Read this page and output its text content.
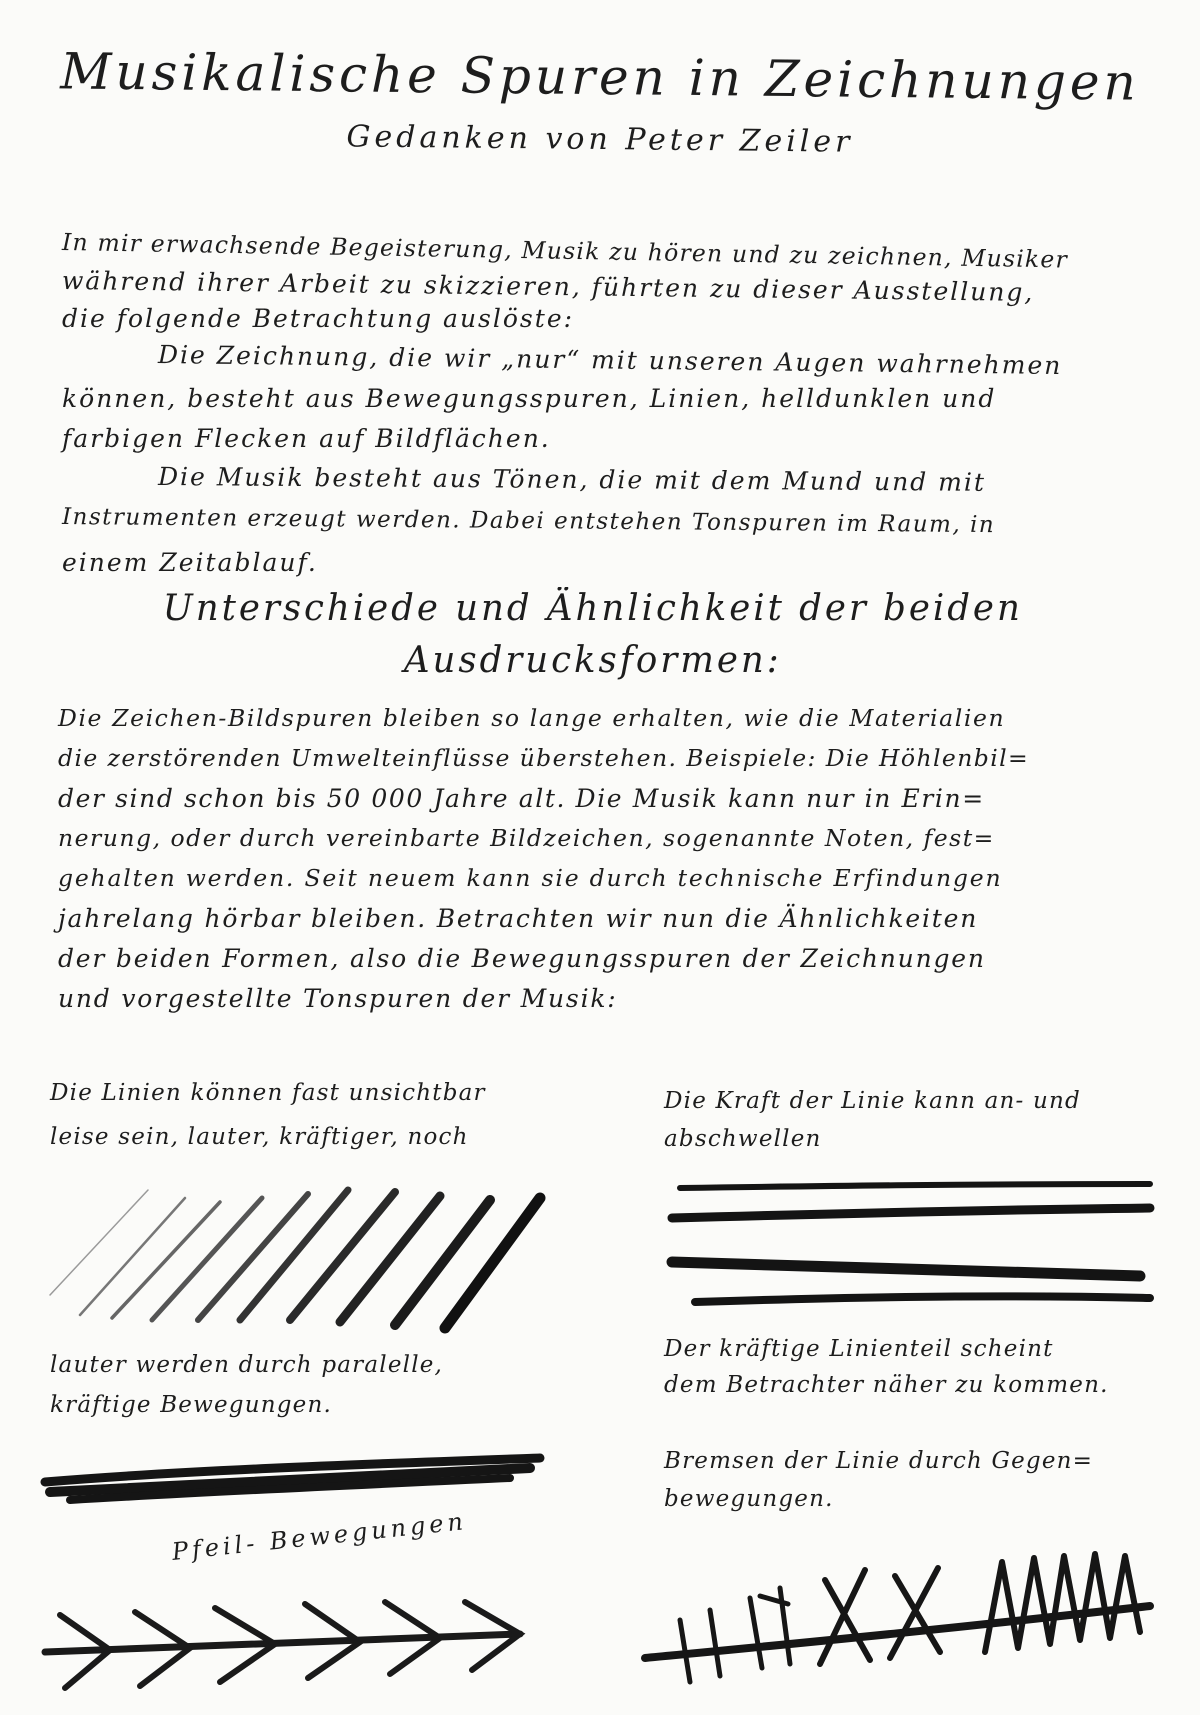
Musikalische Spuren in Zeichnungen
Gedanken von Peter Zeiler
In mir erwachsende Begeisterung, Musik zu hören und zu zeichnen, Musiker
während ihrer Arbeit zu skizzieren, führten zu dieser Ausstellung,
die folgende Betrachtung auslöste:
Die Zeichnung, die wir „nur“ mit unseren Augen wahrnehmen
können, besteht aus Bewegungsspuren, Linien, helldunklen und
farbigen Flecken auf Bildflächen.
Die Musik besteht aus Tönen, die mit dem Mund und mit
Instrumenten erzeugt werden. Dabei entstehen Tonspuren im Raum, in
einem Zeitablauf.
Unterschiede und Ähnlichkeit der beiden
Ausdrucksformen:
Die Zeichen-Bildspuren bleiben so lange erhalten, wie die Materialien
die zerstörenden Umwelteinflüsse überstehen. Beispiele: Die Höhlenbil=
der sind schon bis 50 000 Jahre alt. Die Musik kann nur in Erin=
nerung, oder durch vereinbarte Bildzeichen, sogenannte Noten, fest=
gehalten werden. Seit neuem kann sie durch technische Erfindungen
jahrelang hörbar bleiben. Betrachten wir nun die Ähnlichkeiten
der beiden Formen, also die Bewegungsspuren der Zeichnungen
und vorgestellte Tonspuren der Musik:
Die Linien können fast unsichtbar
leise sein, lauter, kräftiger, noch
lauter werden durch paralelle,
kräftige Bewegungen.
Pfeil- Bewegungen
Die Kraft der Linie kann an- und
abschwellen
Der kräftige Linienteil scheint
dem Betrachter näher zu kommen.
Bremsen der Linie durch Gegen=
bewegungen.
